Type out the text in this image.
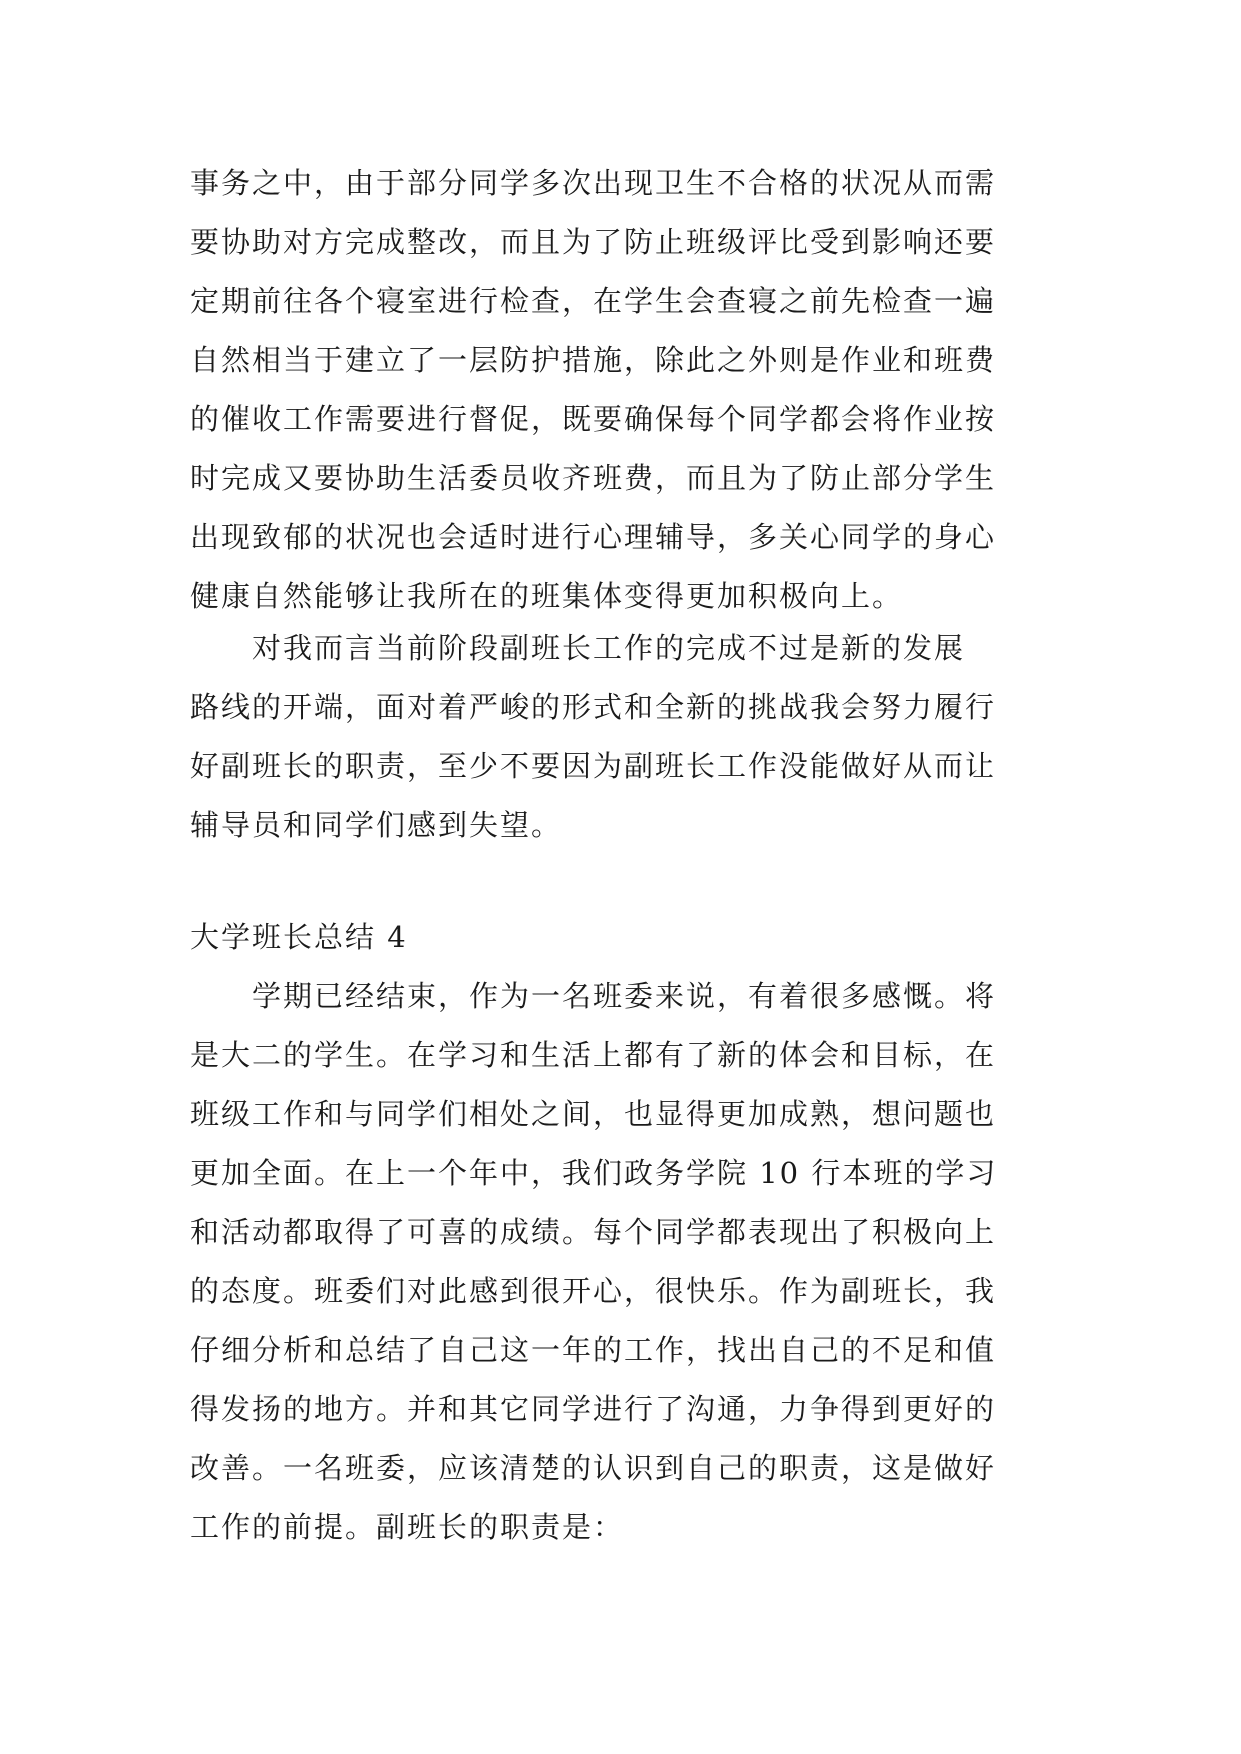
事务之中，由于部分同学多次出现卫生不合格的状况从而需
要协助对方完成整改，而且为了防止班级评比受到影响还要
定期前往各个寝室进行检查，在学生会查寝之前先检查一遍
自然相当于建立了一层防护措施，除此之外则是作业和班费
的催收工作需要进行督促，既要确保每个同学都会将作业按
时完成又要协助生活委员收齐班费，而且为了防止部分学生
出现致郁的状况也会适时进行心理辅导，多关心同学的身心
健康自然能够让我所在的班集体变得更加积极向上。
　　对我而言当前阶段副班长工作的完成不过是新的发展
路线的开端，面对着严峻的形式和全新的挑战我会努力履行
好副班长的职责，至少不要因为副班长工作没能做好从而让
辅导员和同学们感到失望。
大学班长总结 4
　　学期已经结束，作为一名班委来说，有着很多感慨。将
是大二的学生。在学习和生活上都有了新的体会和目标，在
班级工作和与同学们相处之间，也显得更加成熟，想问题也
更加全面。在上一个年中，我们政务学院 10 行本班的学习
和活动都取得了可喜的成绩。每个同学都表现出了积极向上
的态度。班委们对此感到很开心，很快乐。作为副班长，我
仔细分析和总结了自己这一年的工作，找出自己的不足和值
得发扬的地方。并和其它同学进行了沟通，力争得到更好的
改善。一名班委，应该清楚的认识到自己的职责，这是做好
工作的前提。副班长的职责是：
